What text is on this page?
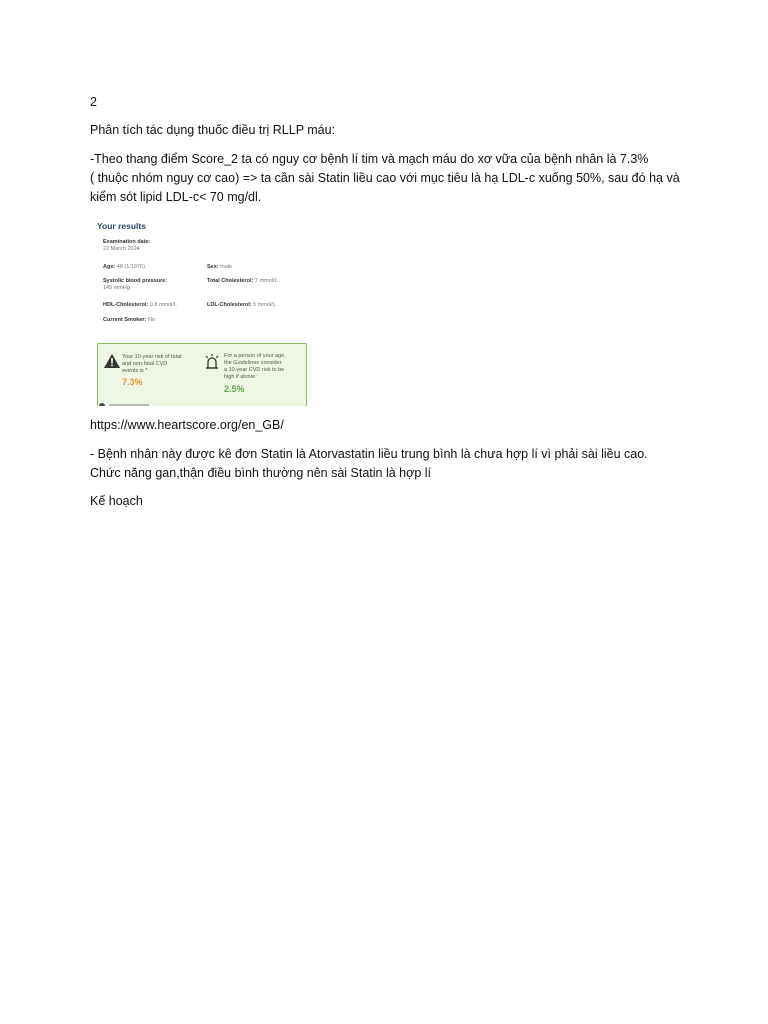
2

Phân tích tác dụng thuốc điều trị RLLP máu:

-Theo thang điểm Score_2 ta có nguy cơ bệnh lí tim và mạch máu do xơ vữa của bệnh nhân là 7.3%
( thuộc nhóm nguy cơ cao) => ta cần sài Statin liều cao với mục tiêu là hạ LDL-c xuống 50%, sau đó hạ và
kiểm sót lipid LDL-c< 70 mg/dl.
Your results
Examination date:
22 March 2024
Age: 48 (1/1976)	Sex: male
Systolic blood pressure:
145 mmHg
Total Cholesterol: 7 mmol/L
HDL-Cholesterol: 0.8 mmol/L	LDL-Cholesterol: 5 mmol/L
Current Smoker: No
Your 10-year risk of fatal
and non-fatal CVD
events is *
7.3%
For a person of your age,
the Guidelines consider
a 10-year CVD risk to be
high if above:
2.5%

https://www.heartscore.org/en_GB/

- Bệnh nhân này được kê đơn Statin là Atorvastatin liều trung bình là chưa hợp lí vì phải sài liều cao.
Chức năng gan,thận điều bình thường nên sài Statin là hợp lí

Kế hoạch
